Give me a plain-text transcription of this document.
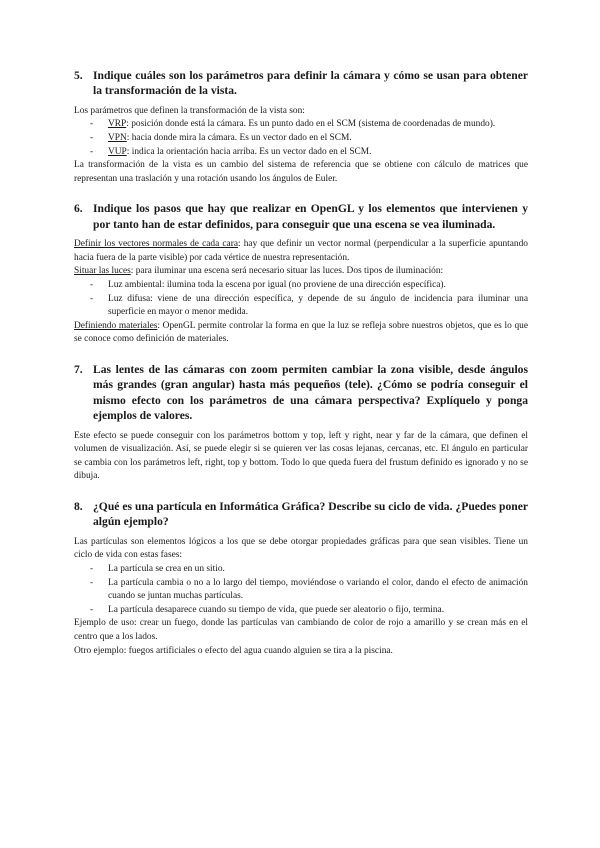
5. Indique cuáles son los parámetros para definir la cámara y cómo se usan para obtener la transformación de la vista.

Los parámetros que definen la transformación de la vista son:

- VRP: posición donde está la cámara. Es un punto dado en el SCM (sistema de coordenadas de mundo).
- VPN: hacia donde mira la cámara. Es un vector dado en el SCM.
- VUP: indica la orientación hacia arriba. Es un vector dado en el SCM.

La transformación de la vista es un cambio del sistema de referencia que se obtiene con cálculo de matrices que representan una traslación y una rotación usando los ángulos de Euler.

6. Indique los pasos que hay que realizar en OpenGL y los elementos que intervienen y por tanto han de estar definidos, para conseguir que una escena se vea iluminada.

Definir los vectores normales de cada cara: hay que definir un vector normal (perpendicular a la superficie apuntando hacia fuera de la parte visible) por cada vértice de nuestra representación.

Situar las luces: para iluminar una escena será necesario situar las luces. Dos tipos de iluminación:

- Luz ambiental: ilumina toda la escena por igual (no proviene de una dirección específica).
- Luz difusa: viene de una dirección específica, y depende de su ángulo de incidencia para iluminar una superficie en mayor o menor medida.

Definiendo materiales: OpenGL permite controlar la forma en que la luz se refleja sobre nuestros objetos, que es lo que se conoce como definición de materiales.

7. Las lentes de las cámaras con zoom permiten cambiar la zona visible, desde ángulos más grandes (gran angular) hasta más pequeños (tele). ¿Cómo se podría conseguir el mismo efecto con los parámetros de una cámara perspectiva? Explíquelo y ponga ejemplos de valores.

Este efecto se puede conseguir con los parámetros bottom y top, left y right, near y far de la cámara, que definen el volumen de visualización. Así, se puede elegir si se quieren ver las cosas lejanas, cercanas, etc. El ángulo en particular se cambia con los parámetros left, right, top y bottom. Todo lo que queda fuera del frustum definido es ignorado y no se dibuja.

8. ¿Qué es una partícula en Informática Gráfica? Describe su ciclo de vida. ¿Puedes poner algún ejemplo?

Las partículas son elementos lógicos a los que se debe otorgar propiedades gráficas para que sean visibles. Tiene un ciclo de vida con estas fases:

- La partícula se crea en un sitio.
- La partícula cambia o no a lo largo del tiempo, moviéndose o variando el color, dando el efecto de animación cuando se juntan muchas partículas.
- La partícula desaparece cuando su tiempo de vida, que puede ser aleatorio o fijo, termina.

Ejemplo de uso: crear un fuego, donde las partículas van cambiando de color de rojo a amarillo y se crean más en el centro que a los lados.

Otro ejemplo: fuegos artificiales o efecto del agua cuando alguien se tira a la piscina.
